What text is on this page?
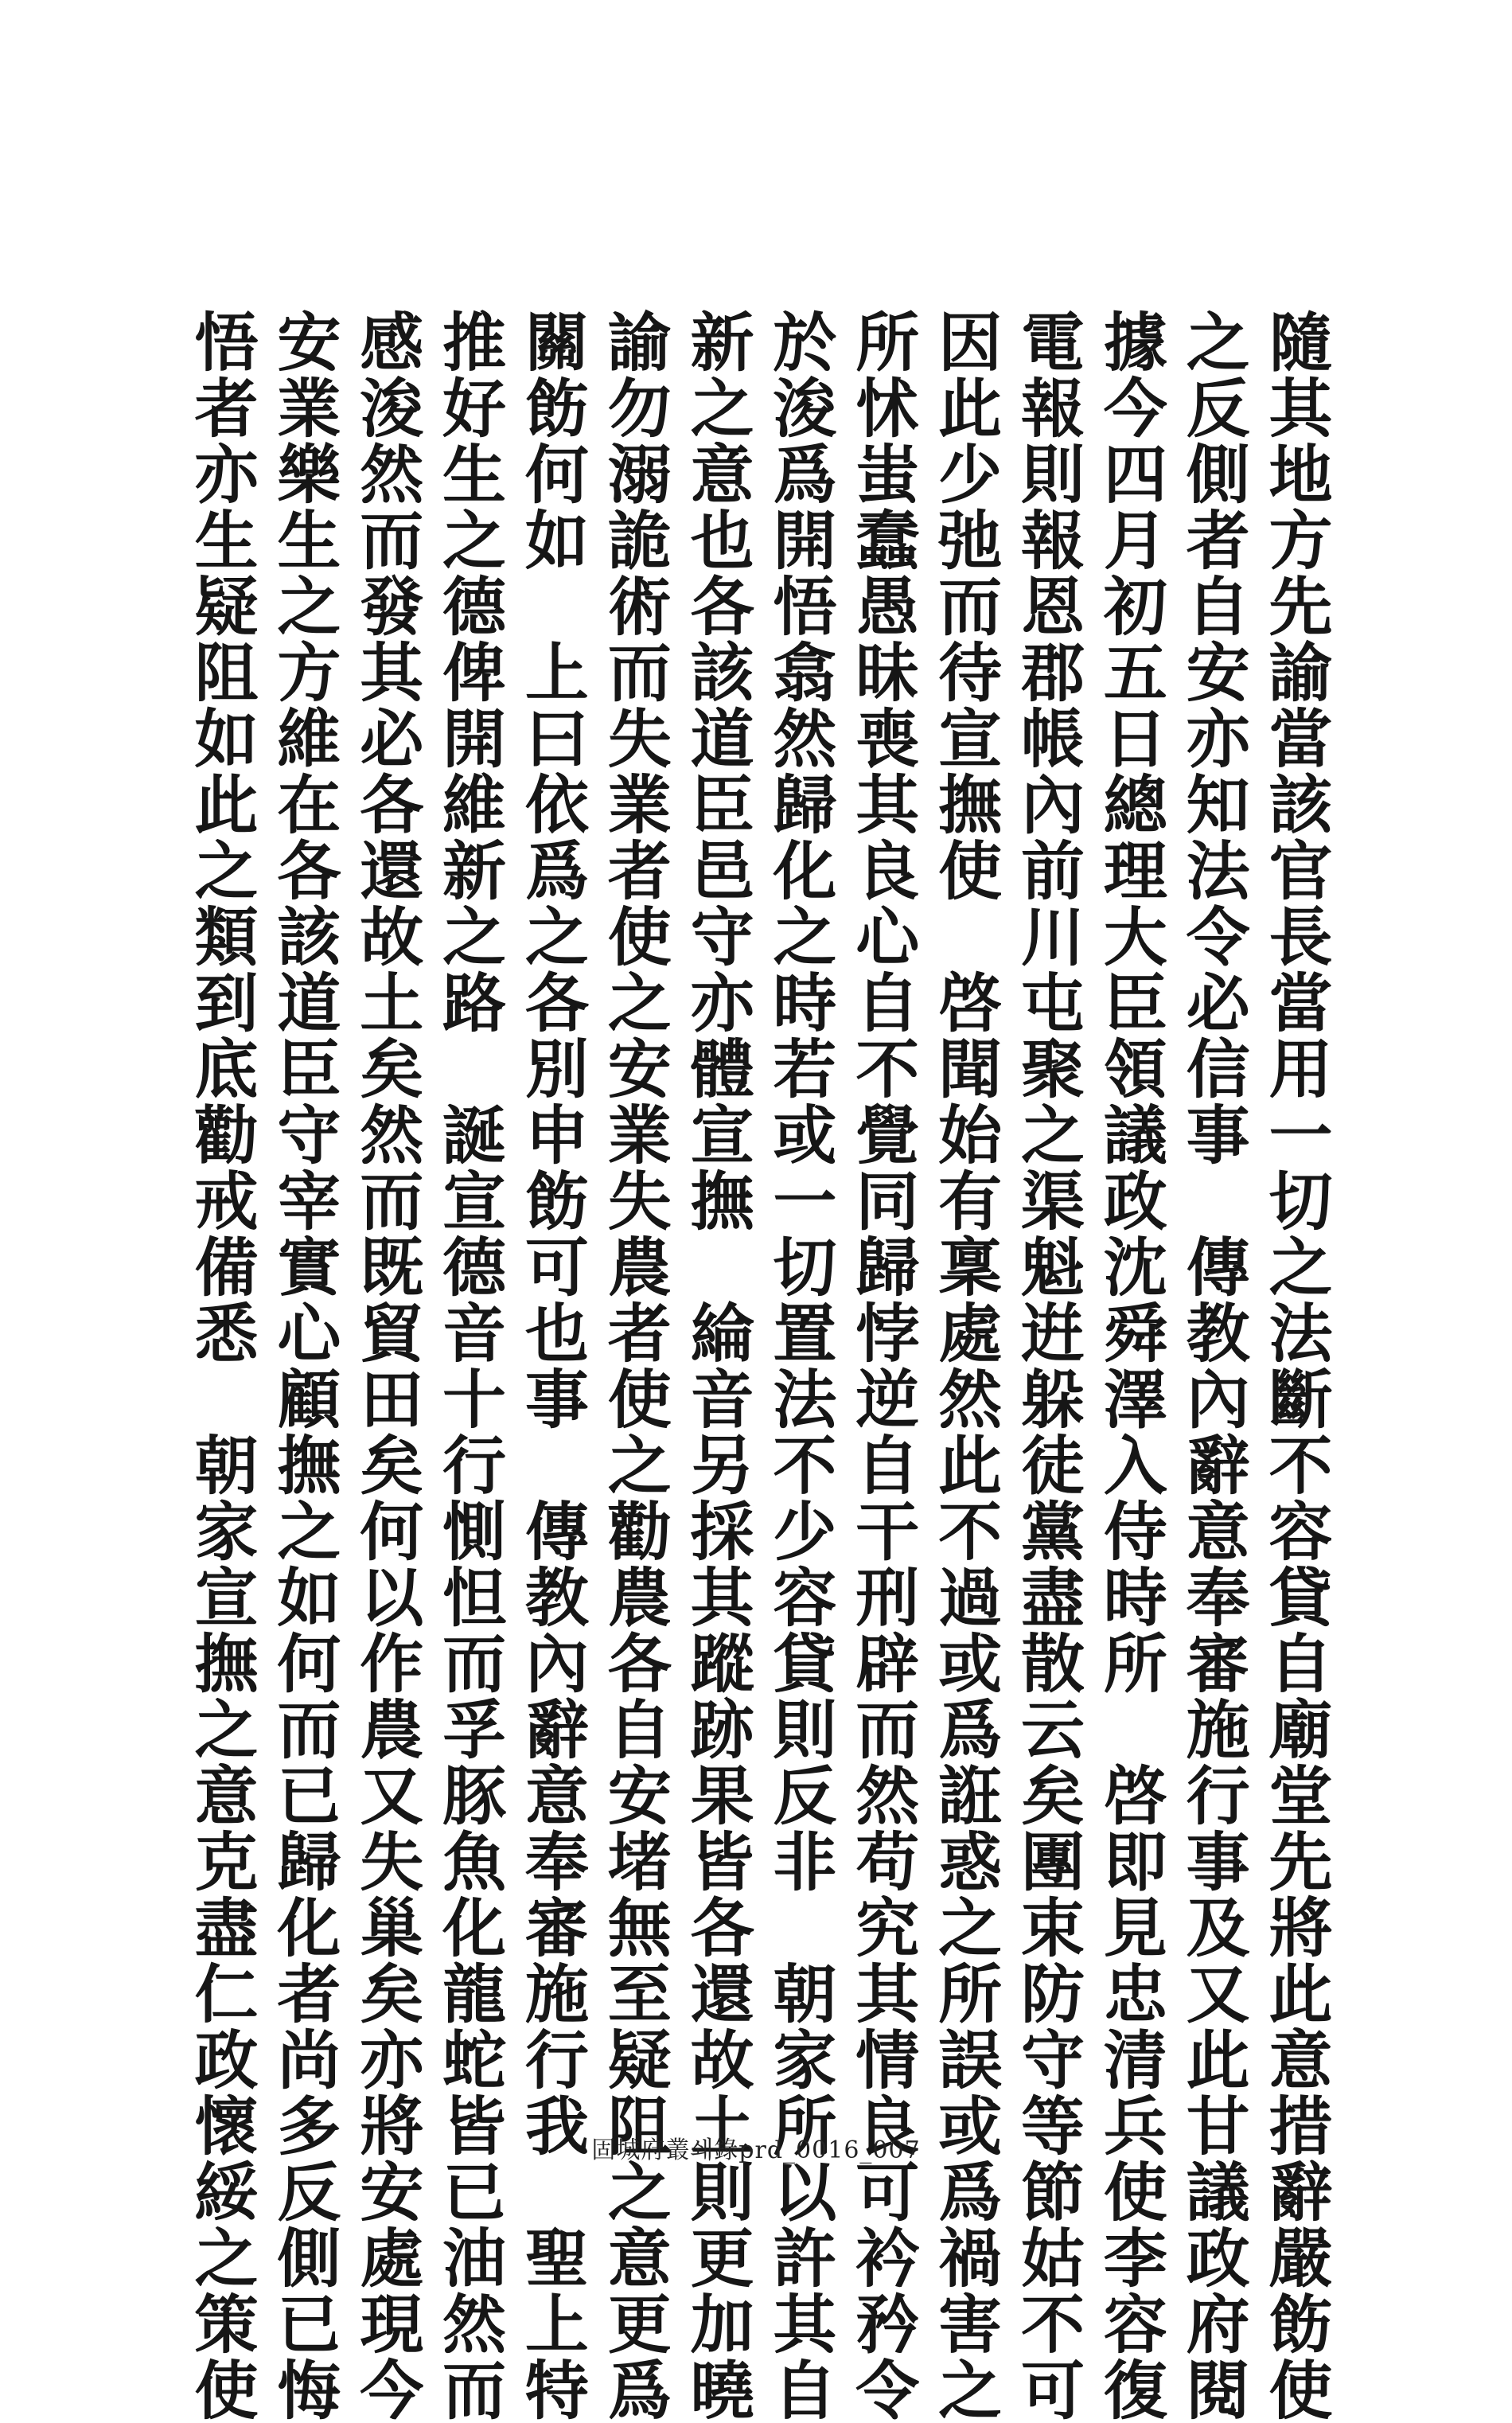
隨其地方先諭當該官長當用一切之法斷不容貸自廟堂先將此意措辭嚴飭使
之反側者自安亦知法令必信事　傳教內辭意奉審施行事及又此甘議政府閱
據今四月初五日總理大臣領議政沈舜澤入侍時所　啓即見忠清兵使李容復
電報則報恩郡帳內前川屯聚之渠魁逬躲徒黨盡散云矣團束防守等節姑不可
因此少弛而待宣撫使　啓聞始有稟處然此不過或爲誑惑之所誤或爲禍害之
所怵蚩蠢愚昧喪其良心自不覺同歸悖逆自干刑辟而然苟究其情良可衿矜令
於浚爲開悟翕然歸化之時若或一切置法不少容貸則反非　朝家所以許其自
新之意也各該道臣邑守亦體宣撫　綸音另採其蹤跡果皆各還故土則更加曉
諭勿溺詭術而失業者使之安業失農者使之勸農各自安堵無至疑阻之意更爲
關飭何如　上曰依爲之各別申飭可也事　傳教內辭意奉審施行我　聖上特
推好生之德俾開維新之路　誕宣德音十行惻怛而孚豚魚化龍蛇皆已油然而
感浚然而發其必各還故土矣然而既貿田矣何以作農又失巢矣亦將安處現今
安業樂生之方維在各該道臣守宰實心顧撫之如何而已歸化者尚多反側已悔
悟者亦生疑阻如此之類到底勸戒備悉　朝家宣撫之意克盡仁政懷綏之策使	固城府叢쇄錄prd_0016_007
